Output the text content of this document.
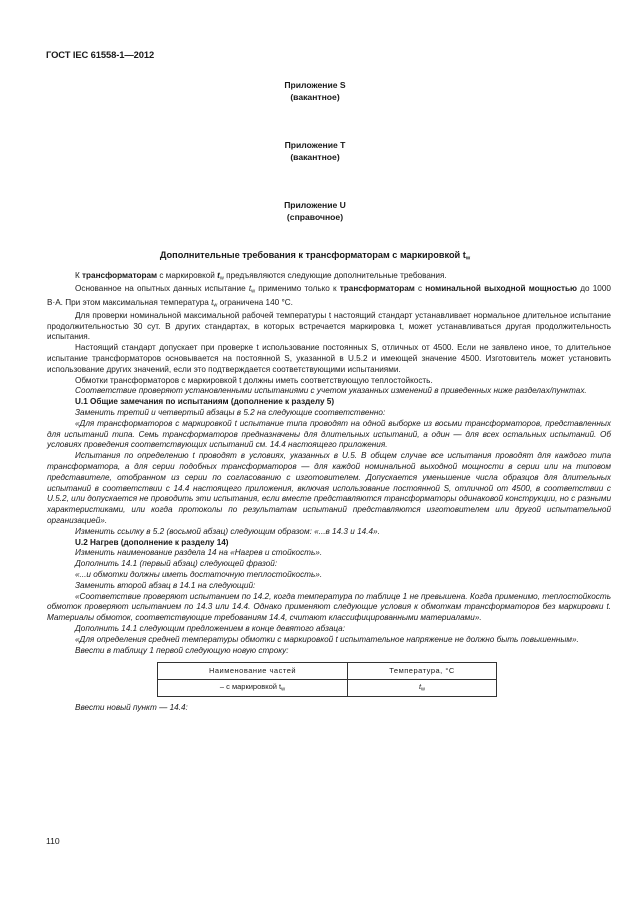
ГОСТ IEC 61558-1—2012
Приложение S
(вакантное)
Приложение T
(вакантное)
Приложение U
(справочное)
Дополнительные требования к трансформаторам с маркировкой $t_w$

К трансформаторам с маркировкой $t_w$ предъявляются следующие дополнительные требования.

Основанное на опытных данных испытание $t_w$ применимо только к трансформаторам с номинальной выходной мощностью до 1000 В·А. При этом максимальная температура $t_w$ ограничена 140 °С.

Для проверки номинальной максимальной рабочей температуры t настоящий стандарт устанавливает нормальное длительное испытание продолжительностью 30 сут. В других стандартах, в которых встречается маркировка t, может устанавливаться другая продолжительность испытания.

Настоящий стандарт допускает при проверке t использование постоянных S, отличных от 4500. Если не заявлено иное, то длительное испытание трансформаторов основывается на постоянной S, указанной в U.5.2 и имеющей значение 4500. Изготовитель может установить использование других значений, если это подтверждается соответствующими испытаниями.

Обмотки трансформаторов с маркировкой t должны иметь соответствующую теплостойкость.

Соответствие проверяют установленными испытаниями с учетом указанных изменений в приведенных ниже разделах/пунктах.

U.1 Общие замечания по испытаниям (дополнение к разделу 5)

Заменить третий и четвертый абзацы в 5.2 на следующие соответственно:

«Для трансформаторов с маркировкой t испытание типа проводят на одной выборке из восьми трансформаторов, представленных для испытаний типа. Семь трансформаторов предназначены для длительных испытаний, а один — для всех остальных испытаний. Об условиях проведения соответствующих испытаний см. 14.4 настоящего приложения.

Испытания по определению t проводят в условиях, указанных в U.5. В общем случае все испытания проводят для каждого типа трансформатора, а для серии подобных трансформаторов — для каждой номинальной выходной мощности в серии или на типовом представителе, отобранном из серии по согласованию с изготовителем. Допускается уменьшение числа образцов для длительных испытаний в соответствии с 14.4 настоящего приложения, включая использование постоянной S, отличной от 4500, в соответствии с U.5.2, или допускается не проводить эти испытания, если вместе представляются трансформаторы одинаковой конструкции, но с разными характеристиками, или когда протоколы по результатам испытаний представляются изготовителем или другой испытательной организацией».

Изменить ссылку в 5.2 (восьмой абзац) следующим образом: «...в 14.3 и 14.4».

U.2 Нагрев (дополнение к разделу 14)

Изменить наименование раздела 14 на «Нагрев и стойкость».

Дополнить 14.1 (первый абзац) следующей фразой:

«...и обмотки должны иметь достаточную теплостойкость».

Заменить второй абзац в 14.1 на следующий:

«Соответствие проверяют испытанием по 14.2, когда температура по таблице 1 не превышена. Когда применимо, теплостойкость обмоток проверяют испытанием по 14.3 или 14.4. Однако применяют следующие условия к обмоткам трансформаторов без маркировки t. Материалы обмоток, соответствующие требованиям 14.4, считают классифицированными материалами».

Дополнить 14.1 следующим предложением в конце девятого абзаца:

«Для определения средней температуры обмотки с маркировкой t испытательное напряжение не должно быть повышенным».

Ввести в таблицу 1 первой следующую новую строку:

Наименование частей	Температура, °С
– с маркировкой $t_w$	$t_w$

Ввести новый пункт — 14.4:

110
